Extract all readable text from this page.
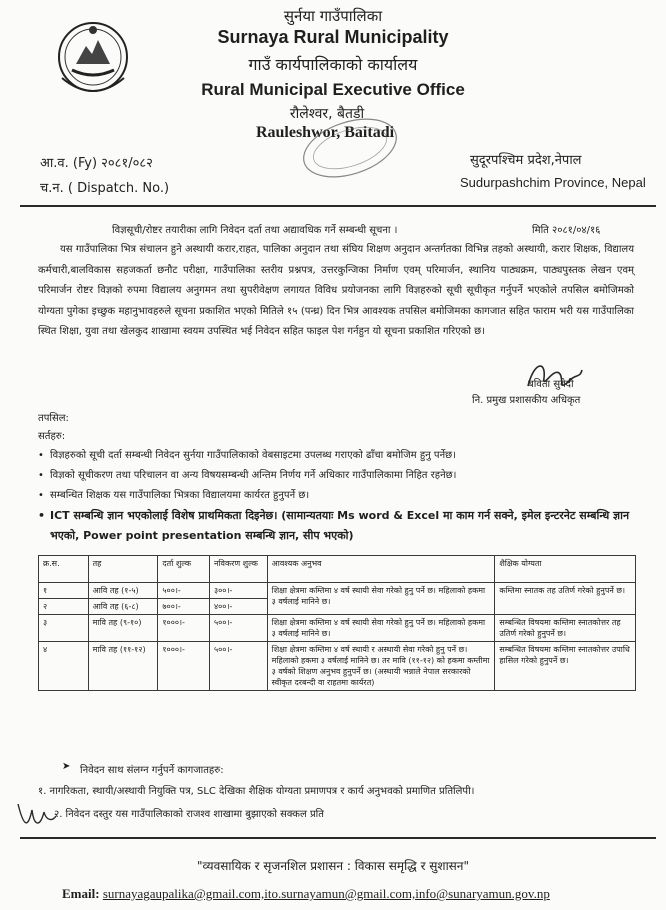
सुर्नया गाउँपालिका
Surnaya Rural Municipality
गाउँ कार्यपालिकाको कार्यालय
Rural Municipal Executive Office
रौलेश्वर, बैतडी
Rauleshwor, Baitadi
आ.व. (Fy) २०८१/०८२
च.न. ( Dispatch. No.)
सुदूरपश्चिम प्रदेश,नेपाल
Sudurpashchim Province, Nepal
विज्ञसूची/रोष्टर तयारीका लागि निवेदन दर्ता तथा अद्यावधिक गर्ने सम्बन्धी सूचना ।	मिति २०८१/०४/१६
यस गाउँपालिका भित्र संचालन हुने अस्थायी करार,राहत, पालिका अनुदान तथा संघिय शिक्षण अनुदान अन्तर्गतका विभिन्न तहको अस्थायी, करार शिक्षक, विद्यालय कर्मचारी,बालविकास सहजकर्ता छनौट परीक्षा, गाउँपालिका स्तरीय प्रश्नपत्र, उत्तरकुन्जिका निर्माण एवम् परिमार्जन, स्थानिय पाठ्यक्रम, पाठ्यपुस्तक लेखन एवम् परिमार्जन रोष्टर विज्ञको रुपमा विद्यालय अनुगमन तथा सुपरीवेक्षण लगायत विविध प्रयोजनका लागि विज्ञहरुको सूची सूचीकृत गर्नुपर्ने भएकोले तपसिल बमोजिमको योग्यता पुगेका इच्छुक महानुभावहरुले सूचना प्रकाशित भएको मितिले १५ (पन्ध्र) दिन भित्र आवश्यक तपसिल बमोजिमका कागजात सहित फाराम भरी यस गाउँपालिका स्थित शिक्षा, युवा तथा खेलकुद शाखामा स्वयम उपस्थित भई निवेदन सहित फाइल पेश गर्नहुन यो सूचना प्रकाशित गरिएको छ।
बविता सुवेदी
नि. प्रमुख प्रशासकीय अधिकृत
तपसिल:
सर्तहरु:
• विज्ञहरुको सूची दर्ता सम्बन्धी निवेदन सुर्नया गाउँपालिकाको वेबसाइटमा उपलब्ध गराएको ढाँचा बमोजिम हुनु पर्नेछ।
• विज्ञको सूचीकरण तथा परिचालन वा अन्य विषयसम्बन्धी अन्तिम निर्णय गर्ने अधिकार गाउँपालिकामा निहित रहनेछ।
• सम्बन्धित शिक्षक यस गाउँपालिका भित्रका विद्यालयमा कार्यरत हुनुपर्ने छ।
• ICT सम्बन्धि ज्ञान भएकोलाई विशेष प्राथमिकता दिइनेछ। (सामान्यतयाः Ms word & Excel मा काम गर्न सक्ने, इमेल इन्टरनेट सम्बन्धि ज्ञान भएको, Power point presentation सम्बन्धि ज्ञान, सीप भएको)
क्र.स.	तह	दर्ता शुल्क	नविकरण शुल्क	आवश्यक अनुभव	शैक्षिक योग्यता
१	आवि तह (१-५)	५००।-	३००।-	शिक्षा क्षेत्रमा कम्तिमा ४ वर्ष स्थायी सेवा गरेको हुनु पर्ने छ। महिलाको हकमा ३ वर्षलाई मानिने छ।	कम्तिमा स्नातक तह उतिर्ण गरेको हुनुपर्ने छ।
२	आवि तह (६-८)	७००।-	४००।-		
३	मावि तह (९-१०)	१०००।-	५००।-	शिक्षा क्षेत्रमा कम्तिमा ४ वर्ष स्थायी सेवा गरेको हुनु पर्ने छ। महिलाको हकमा ३ वर्षलाई मानिने छ।	सम्बन्धित विषयमा कम्तिमा स्नातकोत्तर तह उतिर्ण गरेको हुनुपर्ने छ।
४	मावि तह (११-१२)	१०००।-	५००।-	शिक्षा क्षेत्रमा कम्तिमा ४ वर्ष स्थायी र अस्थायी सेवा गरेको हुनु पर्ने छ। महिलाको हकमा ३ वर्षलाई मानिने छ। तर मावि (११-१२) को हकमा कम्तीमा ३ वर्षको शिक्षण अनुभव हुनुपर्ने छ। (अस्थायी भन्नाले नेपाल सरकारको स्वीकृत दरबन्दी वा राहतमा कार्यरत)	सम्बन्धित विषयमा कम्तिमा स्नातकोत्तर उपाधि हासिल गरेको हुनुपर्ने छ।
➤ निवेदन साथ संलग्न गर्नुपर्ने कागजातहरु:
१. नागरिकता, स्थायी/अस्थायी नियुक्ति पत्र, SLC देखिका शैक्षिक योग्यता प्रमाणपत्र र कार्य अनुभवको प्रमाणित प्रतिलिपी।
२. निवेदन दस्तुर यस गाउँपालिकाको राजश्व शाखामा बुझाएको सक्कल प्रति
"व्यवसायिक र सृजनशिल प्रशासन : विकास समृद्धि र सुशासन"
Email: surnayagaupalika@gmail.com,ito.surnayamun@gmail.com,info@sunaryamun.gov.np
